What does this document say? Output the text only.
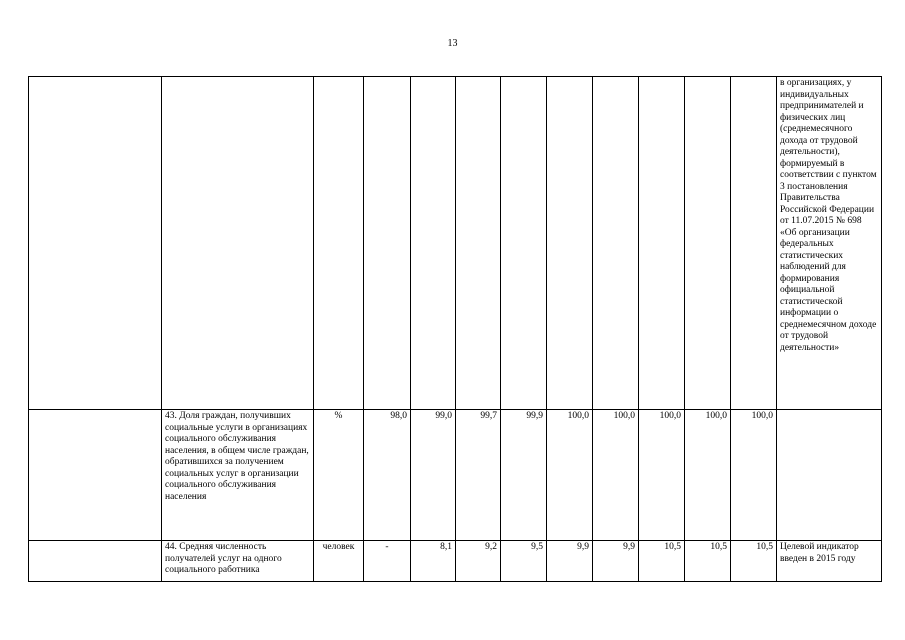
13
												в организациях, у индивидуальных предпринимателей и физических лиц (среднемесячного дохода от трудовой деятельности), формируемый в соответствии с пунктом 3 постановления Правительства Российской Федерации от 11.07.2015 № 698 «Об организации федеральных статистических наблюдений для формирования официальной статистической информации о среднемесячном доходе от трудовой деятельности»
	43. Доля граждан, получивших социальные услуги в организациях социального обслуживания населения, в общем числе граждан, обратившихся за получением социальных услуг в организации социального обслуживания населения	%	98,0	99,0	99,7	99,9	100,0	100,0	100,0	100,0	100,0	
	44. Средняя численность получателей услуг на одного социального работника	человек	-	8,1	9,2	9,5	9,9	9,9	10,5	10,5	10,5	Целевой индикатор введен в 2015 году
